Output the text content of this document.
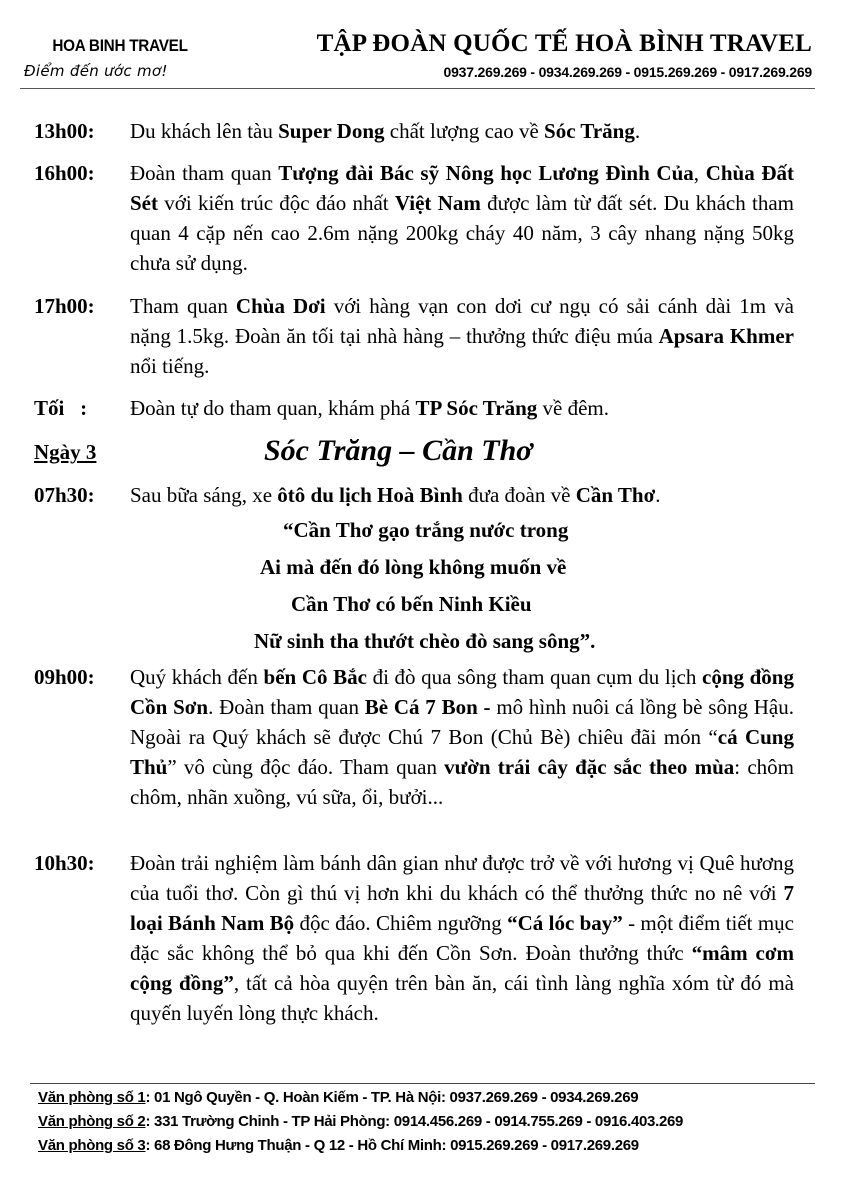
HOA BINH TRAVEL
Điểm đến ước mơ!
TẬP ĐOÀN QUỐC TẾ HOÀ BÌNH TRAVEL
0937.269.269 - 0934.269.269 - 0915.269.269 - 0917.269.269
13h00: Du khách lên tàu Super Dong chất lượng cao về Sóc Trăng.
16h00: Đoàn tham quan Tượng đài Bác sỹ Nông học Lương Đình Của, Chùa Đất Sét với kiến trúc độc đáo nhất Việt Nam được làm từ đất sét. Du khách tham quan 4 cặp nến cao 2.6m nặng 200kg cháy 40 năm, 3 cây nhang nặng 50kg chưa sử dụng.
17h00: Tham quan Chùa Dơi với hàng vạn con dơi cư ngụ có sải cánh dài 1m và nặng 1.5kg. Đoàn ăn tối tại nhà hàng – thưởng thức điệu múa Apsara Khmer nổi tiếng.
Tối   : Đoàn tự do tham quan, khám phá TP Sóc Trăng về đêm.
Ngày 3	Sóc Trăng – Cần Thơ
07h30: Sau bữa sáng, xe ôtô du lịch Hoà Bình đưa đoàn về Cần Thơ.
“Cần Thơ gạo trắng nước trong
Ai mà đến đó lòng không muốn về
Cần Thơ có bến Ninh Kiều
Nữ sinh tha thướt chèo đò sang sông”.
09h00: Quý khách đến bến Cô Bắc đi đò qua sông tham quan cụm du lịch cộng đồng Cồn Sơn. Đoàn tham quan Bè Cá 7 Bon - mô hình nuôi cá lồng bè sông Hậu. Ngoài ra Quý khách sẽ được Chú 7 Bon (Chủ Bè) chiêu đãi món “cá Cung Thủ” vô cùng độc đáo. Tham quan vườn trái cây đặc sắc theo mùa: chôm chôm, nhãn xuồng, vú sữa, ổi, bưởi...
10h30: Đoàn trải nghiệm làm bánh dân gian như được trở về với hương vị Quê hương của tuổi thơ. Còn gì thú vị hơn khi du khách có thể thưởng thức no nê với 7 loại Bánh Nam Bộ độc đáo. Chiêm ngưỡng “Cá lóc bay” - một điểm tiết mục đặc sắc không thể bỏ qua khi đến Cồn Sơn. Đoàn thưởng thức “mâm cơm cộng đồng”, tất cả hòa quyện trên bàn ăn, cái tình làng nghĩa xóm từ đó mà quyến luyến lòng thực khách.
Văn phòng số 1: 01 Ngô Quyền - Q. Hoàn Kiếm - TP. Hà Nội: 0937.269.269 - 0934.269.269
Văn phòng số 2: 331 Trường Chinh - TP Hải Phòng: 0914.456.269 - 0914.755.269 - 0916.403.269
Văn phòng số 3: 68 Đông Hưng Thuận - Q 12 - Hồ Chí Minh: 0915.269.269 - 0917.269.269
